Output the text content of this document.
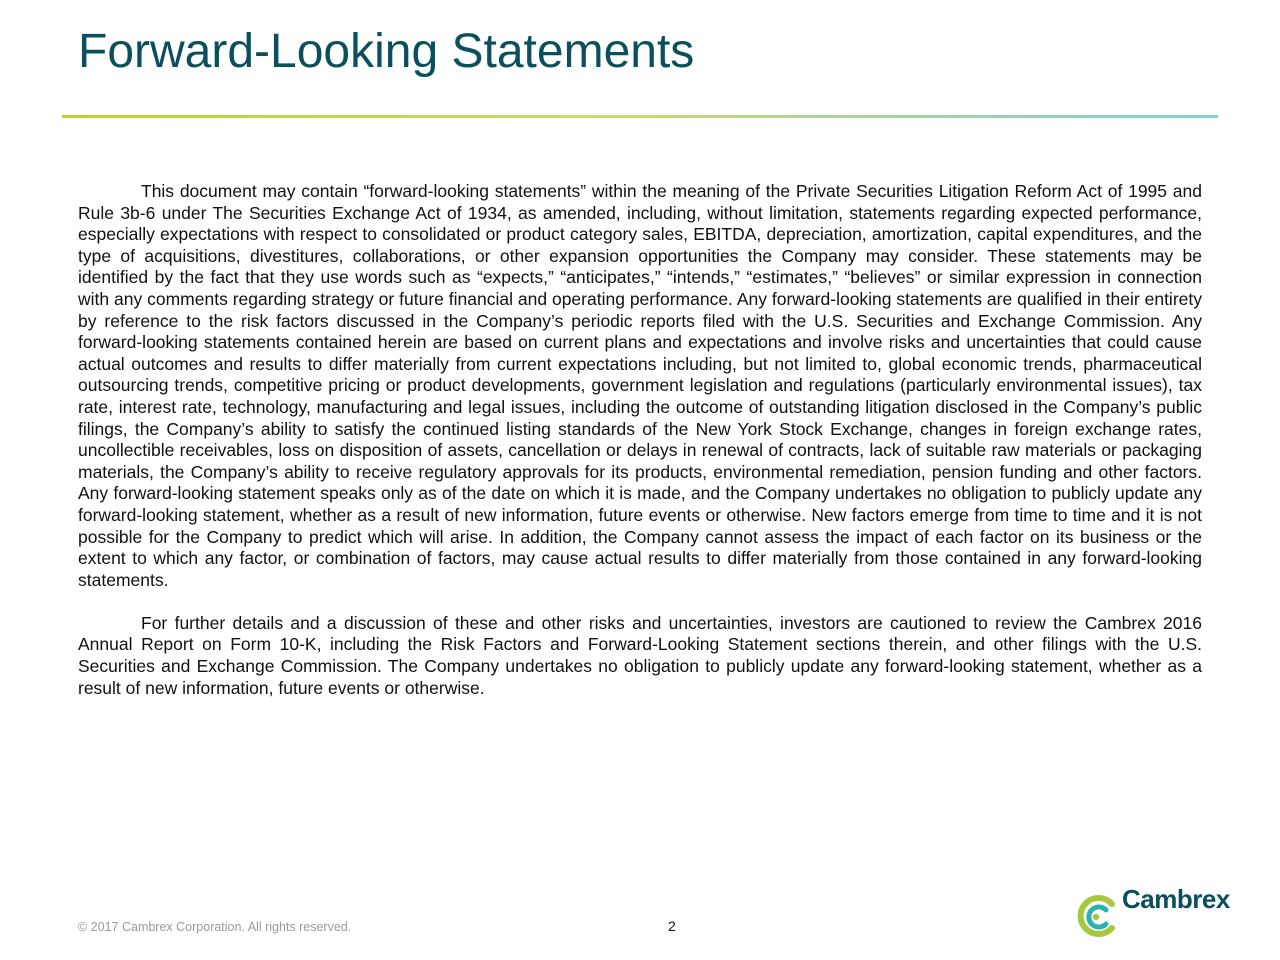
Forward-Looking Statements

This document may contain “forward-looking statements” within the meaning of the Private Securities Litigation Reform Act of 1995 and Rule 3b-6 under The Securities Exchange Act of 1934, as amended, including, without limitation, statements regarding expected performance, especially expectations with respect to consolidated or product category sales, EBITDA, depreciation, amortization, capital expenditures, and the type of acquisitions, divestitures, collaborations, or other expansion opportunities the Company may consider. These statements may be identified by the fact that they use words such as “expects,” “anticipates,” “intends,” “estimates,” “believes” or similar expression in connection with any comments regarding strategy or future financial and operating performance. Any forward-looking statements are qualified in their entirety by reference to the risk factors discussed in the Company’s periodic reports filed with the U.S. Securities and Exchange Commission. Any forward-looking statements contained herein are based on current plans and expectations and involve risks and uncertainties that could cause actual outcomes and results to differ materially from current expectations including, but not limited to, global economic trends, pharmaceutical outsourcing trends, competitive pricing or product developments, government legislation and regulations (particularly environmental issues), tax rate, interest rate, technology, manufacturing and legal issues, including the outcome of outstanding litigation disclosed in the Company’s public filings, the Company’s ability to satisfy the continued listing standards of the New York Stock Exchange, changes in foreign exchange rates, uncollectible receivables, loss on disposition of assets, cancellation or delays in renewal of contracts, lack of suitable raw materials or packaging materials, the Company’s ability to receive regulatory approvals for its products, environmental remediation, pension funding and other factors. Any forward-looking statement speaks only as of the date on which it is made, and the Company undertakes no obligation to publicly update any forward-looking statement, whether as a result of new information, future events or otherwise. New factors emerge from time to time and it is not possible for the Company to predict which will arise. In addition, the Company cannot assess the impact of each factor on its business or the extent to which any factor, or combination of factors, may cause actual results to differ materially from those contained in any forward-looking statements.

For further details and a discussion of these and other risks and uncertainties, investors are cautioned to review the Cambrex 2016 Annual Report on Form 10-K, including the Risk Factors and Forward-Looking Statement sections therein, and other filings with the U.S. Securities and Exchange Commission. The Company undertakes no obligation to publicly update any forward-looking statement, whether as a result of new information, future events or otherwise.

© 2017 Cambrex Corporation. All rights reserved.	2
Cambrex
